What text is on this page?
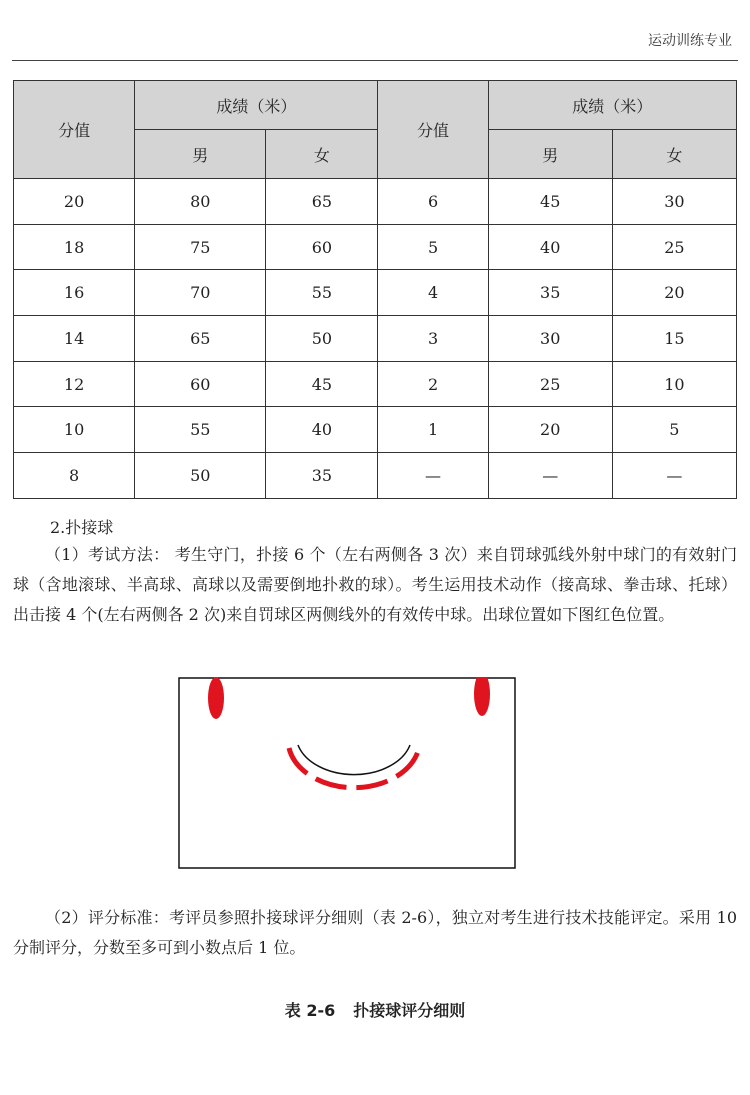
运动训练专业
分值	成绩（米）		分值	成绩（米）	
	男	女		男	女
20	80	65	6	45	30
18	75	60	5	40	25
16	70	55	4	35	20
14	65	50	3	30	15
12	60	45	2	25	10
10	55	40	1	20	5
8	50	35	—	—	—
2.扑接球
（1）考试方法： 考生守门，扑接 6 个（左右两侧各 3 次）来自罚球弧线外射中球门的有效射门球（含地滚球、半高球、高球以及需要倒地扑救的球）。考生运用技术动作（接高球、拳击球、托球）出击接 4 个(左右两侧各 2 次)来自罚球区两侧线外的有效传中球。出球位置如下图红色位置。
（2）评分标准：考评员参照扑接球评分细则（表 2-6），独立对考生进行技术技能评定。采用 10 分制评分，分数至多可到小数点后 1 位。
表 2-6 扑接球评分细则
